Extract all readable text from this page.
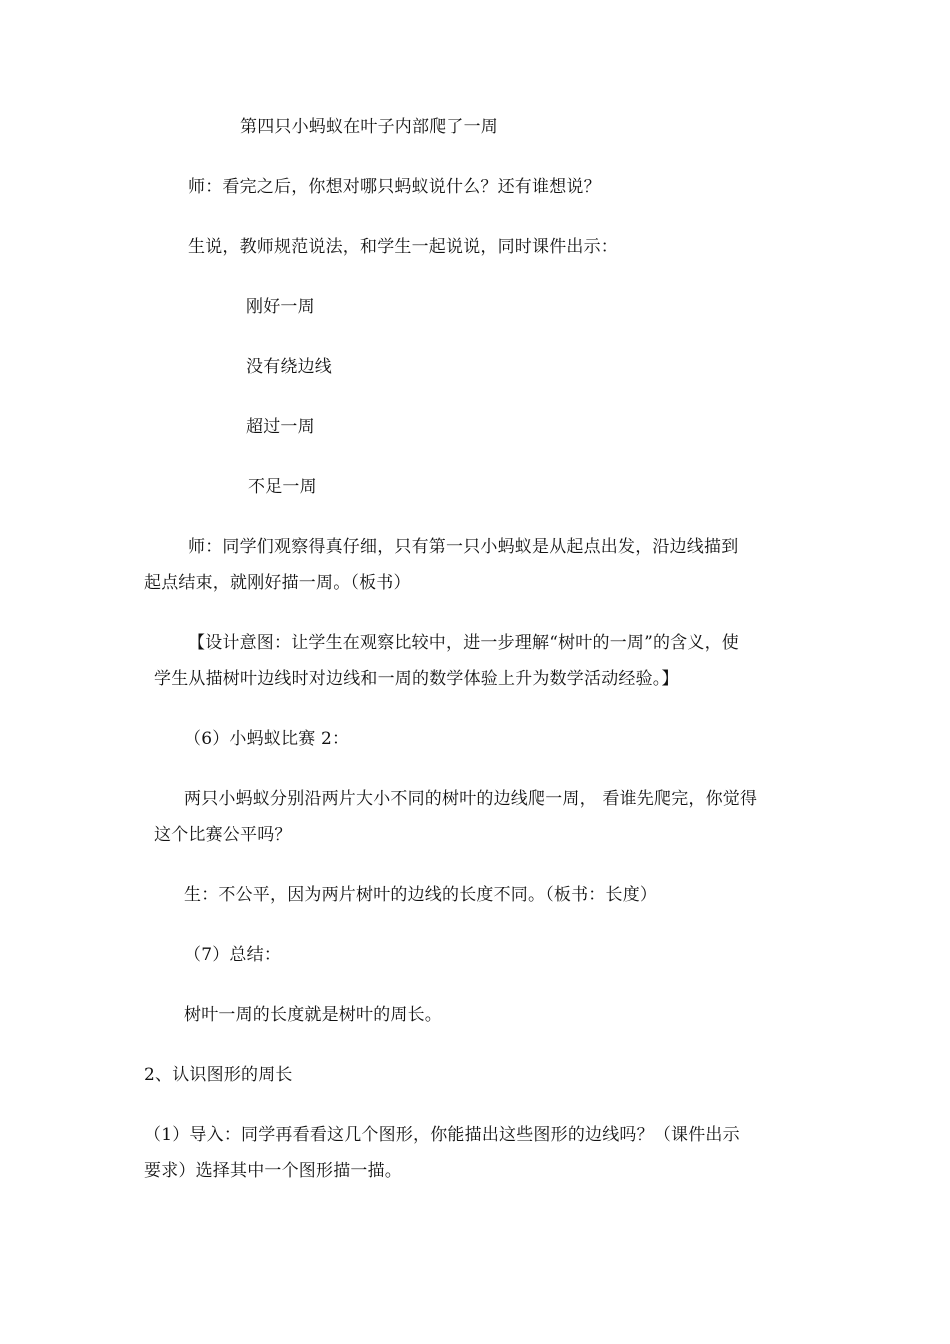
第四只小蚂蚁在叶子内部爬了一周
师：看完之后，你想对哪只蚂蚁说什么？还有谁想说？
生说，教师规范说法，和学生一起说说，同时课件出示：
刚好一周
没有绕边线
超过一周
不足一周
师：同学们观察得真仔细，只有第一只小蚂蚁是从起点出发，沿边线描到
起点结束，就刚好描一周。（板书）
【设计意图：让学生在观察比较中，进一步理解“树叶的一周”的含义，使
学生从描树叶边线时对边线和一周的数学体验上升为数学活动经验。】
（6）小蚂蚁比赛 2：
两只小蚂蚁分别沿两片大小不同的树叶的边线爬一周， 看谁先爬完，你觉得
这个比赛公平吗？
生：不公平，因为两片树叶的边线的长度不同。（板书：长度）
（7）总结：
树叶一周的长度就是树叶的周长。
2、认识图形的周长
（1）导入：同学再看看这几个图形，你能描出这些图形的边线吗？（课件出示
要求）选择其中一个图形描一描。
